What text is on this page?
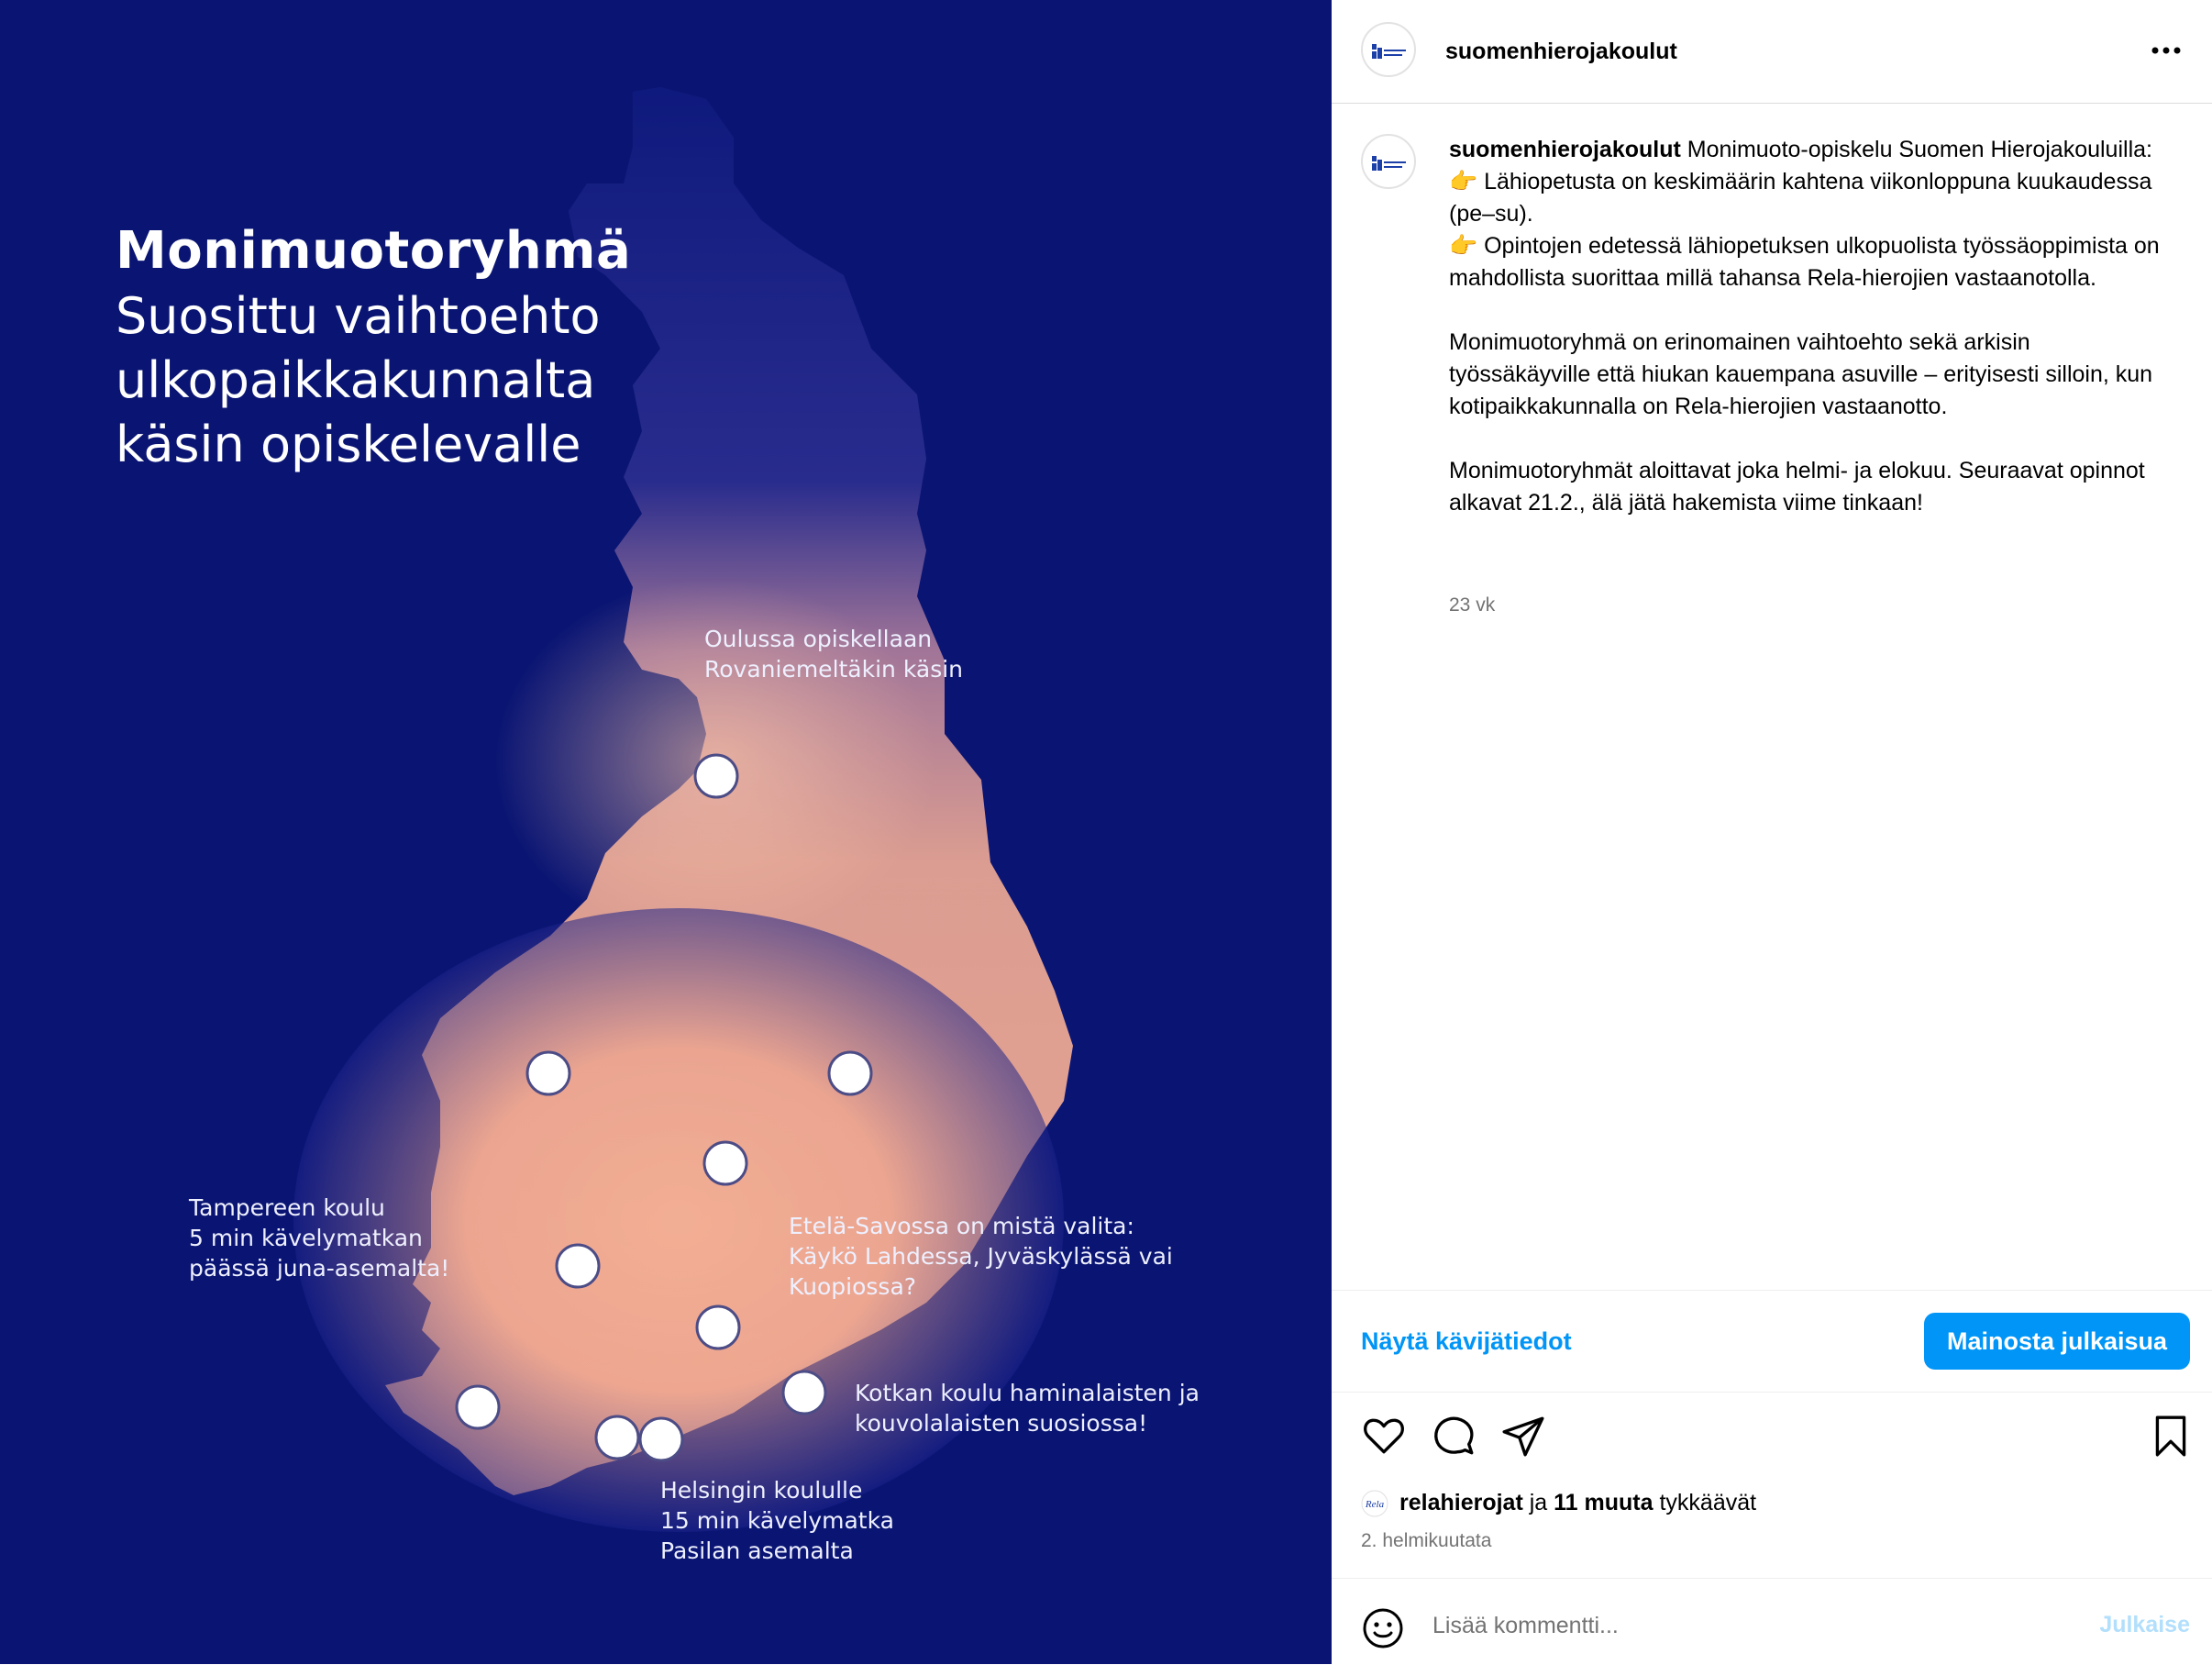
Monimuotoryhmä
Suosittu vaihtoehto
ulkopaikkakunnalta
käsin opiskelevalle
Oulussa opiskellaan
Rovaniemeltäkin käsin
Tampereen koulu
5 min kävelymatkan
päässä juna-asemalta!
Etelä-Savossa on mistä valita:
Käykö Lahdessa, Jyväskylässä vai
Kuopiossa?
Kotkan koulu haminalaisten ja
kouvolalaisten suosiossa!
Helsingin koululle
15 min kävelymatka
Pasilan asemalta
suomenhierojakoulut

suomenhierojakoulut Monimuoto-opiskelu Suomen Hierojakouluilla:

👉 Lähiopetusta on keskimäärin kahtena viikonloppuna kuukaudessa (pe–su).

👉 Opintojen edetessä lähiopetuksen ulkopuolista työssäoppimista on mahdollista suorittaa millä tahansa Rela-hierojien vastaanotolla.

Monimuotoryhmä on erinomainen vaihtoehto sekä arkisin työssäkäyville että hiukan kauempana asuville – erityisesti silloin, kun kotipaikkakunnalla on Rela-hierojien vastaanotto.

Monimuotoryhmät aloittavat joka helmi- ja elokuu. Seuraavat opinnot alkavat 21.2., älä jätä hakemista viime tinkaan!

23 vk
Näytä kävijätiedot	Mainosta julkaisua
Rela relahierojat ja 11 muuta tykkäävät
2. helmikuutata
Lisää kommentti...
Julkaise
